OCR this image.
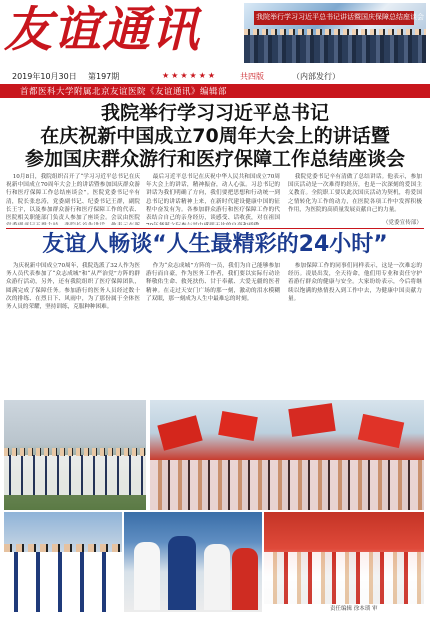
友谊通讯	我院举行学习习近平总书记讲话暨国庆保障总结座谈会
2019年10月30日 第197期	★★★★★★	共四版	（内部发行）
首都医科大学附属北京友谊医院《友谊通讯》编辑部
我院举行学习习近平总书记
在庆祝新中国成立70周年大会上的讲话暨
参加国庆群众游行和医疗保障工作总结座谈会

10月8日，我院组织召开了“学习习近平总书记在庆祝新中国成立70周年大会上的讲话暨参加国庆群众游行和医疗保障工作总结座谈会”。医院党委书记辛有清，院长张忠涛，党委副书记、纪委书记王群，副院长王宇，以及参加群众游行和医疗保障工作的代表、医院相关职能部门负责人参加了座谈会。会议由医院

最后习近平总书记在庆祝中华人民共和国成立70周年大会上的讲话，精神振奋，动人心弦。习总书记的讲话为我们明确了方向，我们要把思想和行动统一到总书记的讲话精神上来，在新时代建设健康中国的征程中奋发有为。各参加群众游行和医疗保障工作的代表结合自己的亲身经历，谈感受、话收获，对在祖国

我院党委书记辛有清做了总结讲话。他表示，参加国庆活动是一次难得的经历，也是一次深刻的爱国主义教育。全院职工要以此次国庆活动为契机，将爱国之情转化为工作的动力，在医院各项工作中发挥积极作用，为医院的高质量发展贡献自己的力量。

（党委宣传部）
友谊人畅谈“人生最精彩的24小时”

为庆祝新中国成立70周年，我院选派了32人作为医务人员代表参加了“众志成城”和“从严治党”方阵的群众游行活动，另外，还有我院组织了医疗保障团队，圆满完成了保障任务。参加游行的医务人员经过数十次的排练、在烈日下、风雨中，为了那份属于全体医务人员的荣耀，坚持训练，克服种种困难。

作为“众志成城”方阵的一员，我们为自己能够参加游行而自豪，作为医务工作者，我们要以实际行动诠释敬佑生命、救死扶伤、甘于奉献、大爱无疆的医者精神。在走过天安门广场的那一刻，激动的泪水模糊了双眼，那一刻成为人生中最难忘的时刻。

参加保障工作的同事们同样表示，这是一次难忘的经历。凌晨出发，全天待命，他们用专业和责任守护着游行群众的健康与安全。大家纷纷表示，今后将继续以饱满的热情投入到工作中去，为健康中国贡献力量。

责任编辑 徐本琐 审
